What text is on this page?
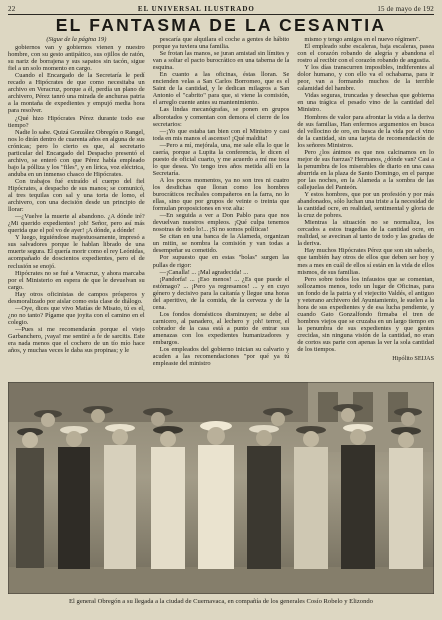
22	EL UNIVERSAL ILUSTRADO	15 de mayo de 192
EL FANTASMA DE LA CESANTIA

(Sigue de la página 19)

gobiernos van y gobiernos vienen y nuestro hombre, con su gesto antipático, sus ojillos de ratón, su nariz de borrajena y sus sapatos sin tacón, sigue fiel a un solo momento en cargo.

Cuando el Encargado de la Secretaría le pedí recado a Hipócrates de que como necesitaba un archivo en Veracruz, porque a él, perdía un plano de archivero, Pérez tanró una mirada de anchuras patria a la montaña de expedientes y empujó media hora para resolver.

¿Qué hizo Hipócrates Pérez durante todo ese tiempo?

Nadie lo sabe. Quizá González Obregón o Rangel, nos lo dirán dentro de cuarenta años en alguna de sus crónicas; pero lo cierto es que, al secretario particular del Encargado del Despacho presentó el archivo, se enteró con que Pérez había empleado bajo la pólliza y los "files", y en lírica, voz eléctrica, anduba en un inmenso chasco de Hipócrates.

Con trabajos fué extraído el cuerpo del fiel Hipócrates, a despacho de sus manos; se comunicó, al tres tequilas con sal y una torta de lomo, el archivero, con una decisión desde un principio de llorar:

—¿Vuelve la muerte al abandono. ¿A dónde iré? ¿Mi querido expedientes! ¡oh! Señor, pero así más querida que el pol vo de ayer! ¡A dónde, a dónde!

Y luego, irguiéndose majestuosamente, impresó a sus salvadores porque le hablan librado de una muerte segura. El quería morir como el rey Leónidas, acompañado de doscientos expedientes, pero el de reclusión se enojó.

Hipócrates no se fué a Veracruz, y ahora marcaba por el Ministerio en espera de que le devuelvan su cargo.

Hay otros oficinistas de campos prósperos y desmoralizado por aislar como esta clase de diálogo.

—Oye, dices que vivo Matías de Misato, tú es el, ¿no no tanto? Pígame que joyita con el camino en el colegio.

—Pues si me recomendarán porque el viejo Garbanchero, ¡vaya! me sentiré a fe de sarcitis. Este era nada menos que el cochero de un tío mío hace años, y muchas veces le daba sus propinas; y le

pescaría que alquilara el coche a gentes de hábito porque ya tuviera una familia.

Se frotan las manos, se juran amistad sin límites y van a soltar el pacto burocrático en una taberna de la esquina.

En cuanto a las oficinas, éstas lloran. Se encienden velas a San Carlos Borromeo, que es el Saint de la cantidad, y le dedican milagros a San Antonio el "cabrito" para que, si viene la comisión, el arreglo cuente antes su mantenimiento.

Las lindas mecanógrafas, se ponen en grupos alborotados y comentan con demora el cierre de los secretarios:

—¡Yo que estaba tan bien con el Ministro y casi toda en mis manos el ascenso! ¡Qué maldita!

—Pero a mí, mejórala, una, me sale ella lo que le caería, porque a Lupita la conferencia, le dicen el puesto de oficial cuarto, y me acuerdo a mí me toca lo que desea. Yo tengo tres años metida allí en la Secretaría.

A los pocos momentos, ya no son tres ni cuatro los desdichas que lloran como los hombres burocráticos recíbales compañeros en la farra, no lo ellas, sino que por grupos de veinte o treinta que formulan proposiciones en voz alta:

—En seguida a ver a Don Pablo para que nos devuelvan nuestros empleos. ¡Qué culpa tenemos nosotras de todo lo!... ¡Si no somos políticas!

Se citan en una banca de la Alameda, organizan un mitin, se nombra la comisión y van todas a desempeñar su cometido.

Por supuesto que en estas "bolas" surgen las pullas de rigor:

—¡Canalla! ... ¡Mal agradecida! ...

¡Pandorfa! ... ¡Eso menos! ... ¿Es que puede el estómago? ... ¡Pero ya regresamos! ... y en cuyo género y decisivo para la caítanía y llegue una horas del aperitivo, de la comida, de la cerveza y de la cena.

Los fondos domésticos disminuyen; se debe al carnicero, al panadero, al lechero y ¡oh! terror, el cobrador de la casa está a punto de entrar sus amenazas con los expedientes humanizadores y embargos.

Los empleados del gobierno inician su calvario y acuden a las recomendaciones "por qué ya tú empleaste del ministro

mismo y tengo amigos en el nuevo régimen".

El empleado sube escaleras, baja escaleras, pasea con el corazón robando de alegría y abandona el rostro al recibir con el corazón robando de angustia.

Y los días transcurren imposibles, indiferentes al dolor humano, y con ello va el ochabama, para ir peor, van a formando muchos de la terrible calamidad del hambre.

Vidas seguras, truncadas y desechas que gobierna en una trágica el pesado vino de la cantidad del Ministro.

Hombres de valor para afrontar la vida a la deriva de sus familias, Han enfermos argumentos en busca del vellocino de oro, en busca de la vida por el vino de la cantidad, sin una tarjeta de recomendación de los señores Ministros.

Pero ¿los ánimos es que nos calcinamos en lo mejor de sus fuerzas? Hermanos, ¿dónde van? Casi a la penumbra de los miserables de diario en una casa aburrida en la plaza de Santo Domingo, en el parque por las noches, en la Alameda a la sombra de las callejuelas del Panteón.

Y estos hombres, que por un profesión y por más abandonados, sólo luchan una triste a la necesidad de la cantidad ocre, en realidad, sentimental y gloria de la cruz de pobres.

Mientras la situación no se normaliza, los cercados a estos tragedias de la cantidad ocre, en realidad, se avecinan al tanto de todo y las gradas de la deriva.

Hay muchos Hipócrates Pérez que son sin saberlo, que también hay otros de ellos que deben ser hoy y mes a mes en cuál de ellos sí están en la vida de ellos mismos, de sus familias.

Pero sobre todos los infaustos que se comentan, sollozamos menos, todo un lugar de Oficinas, para un fondo de la patria y el viejecito Valdés, el antiguo y veterano archivero del Ayuntamiento, le suelen a la hora de sus expedientes y de esa lucha pendiente, y cuando Gato Gonzalfondo firmaba el tren de hombres viejos que se cruzaba en un largo tiempo en la penumbra de sus expedientes y que gentes crecidas, sin ninguna visión de la cantidad, no eran de cortos sus parte con apenas la ver la sola cantidad de los tiempos.

Hipólito SEIJAS

El general Obregón a su llegada a la ciudad de Cuernavaca, en compañía de los generales Cosío Robelo y Elizondo
